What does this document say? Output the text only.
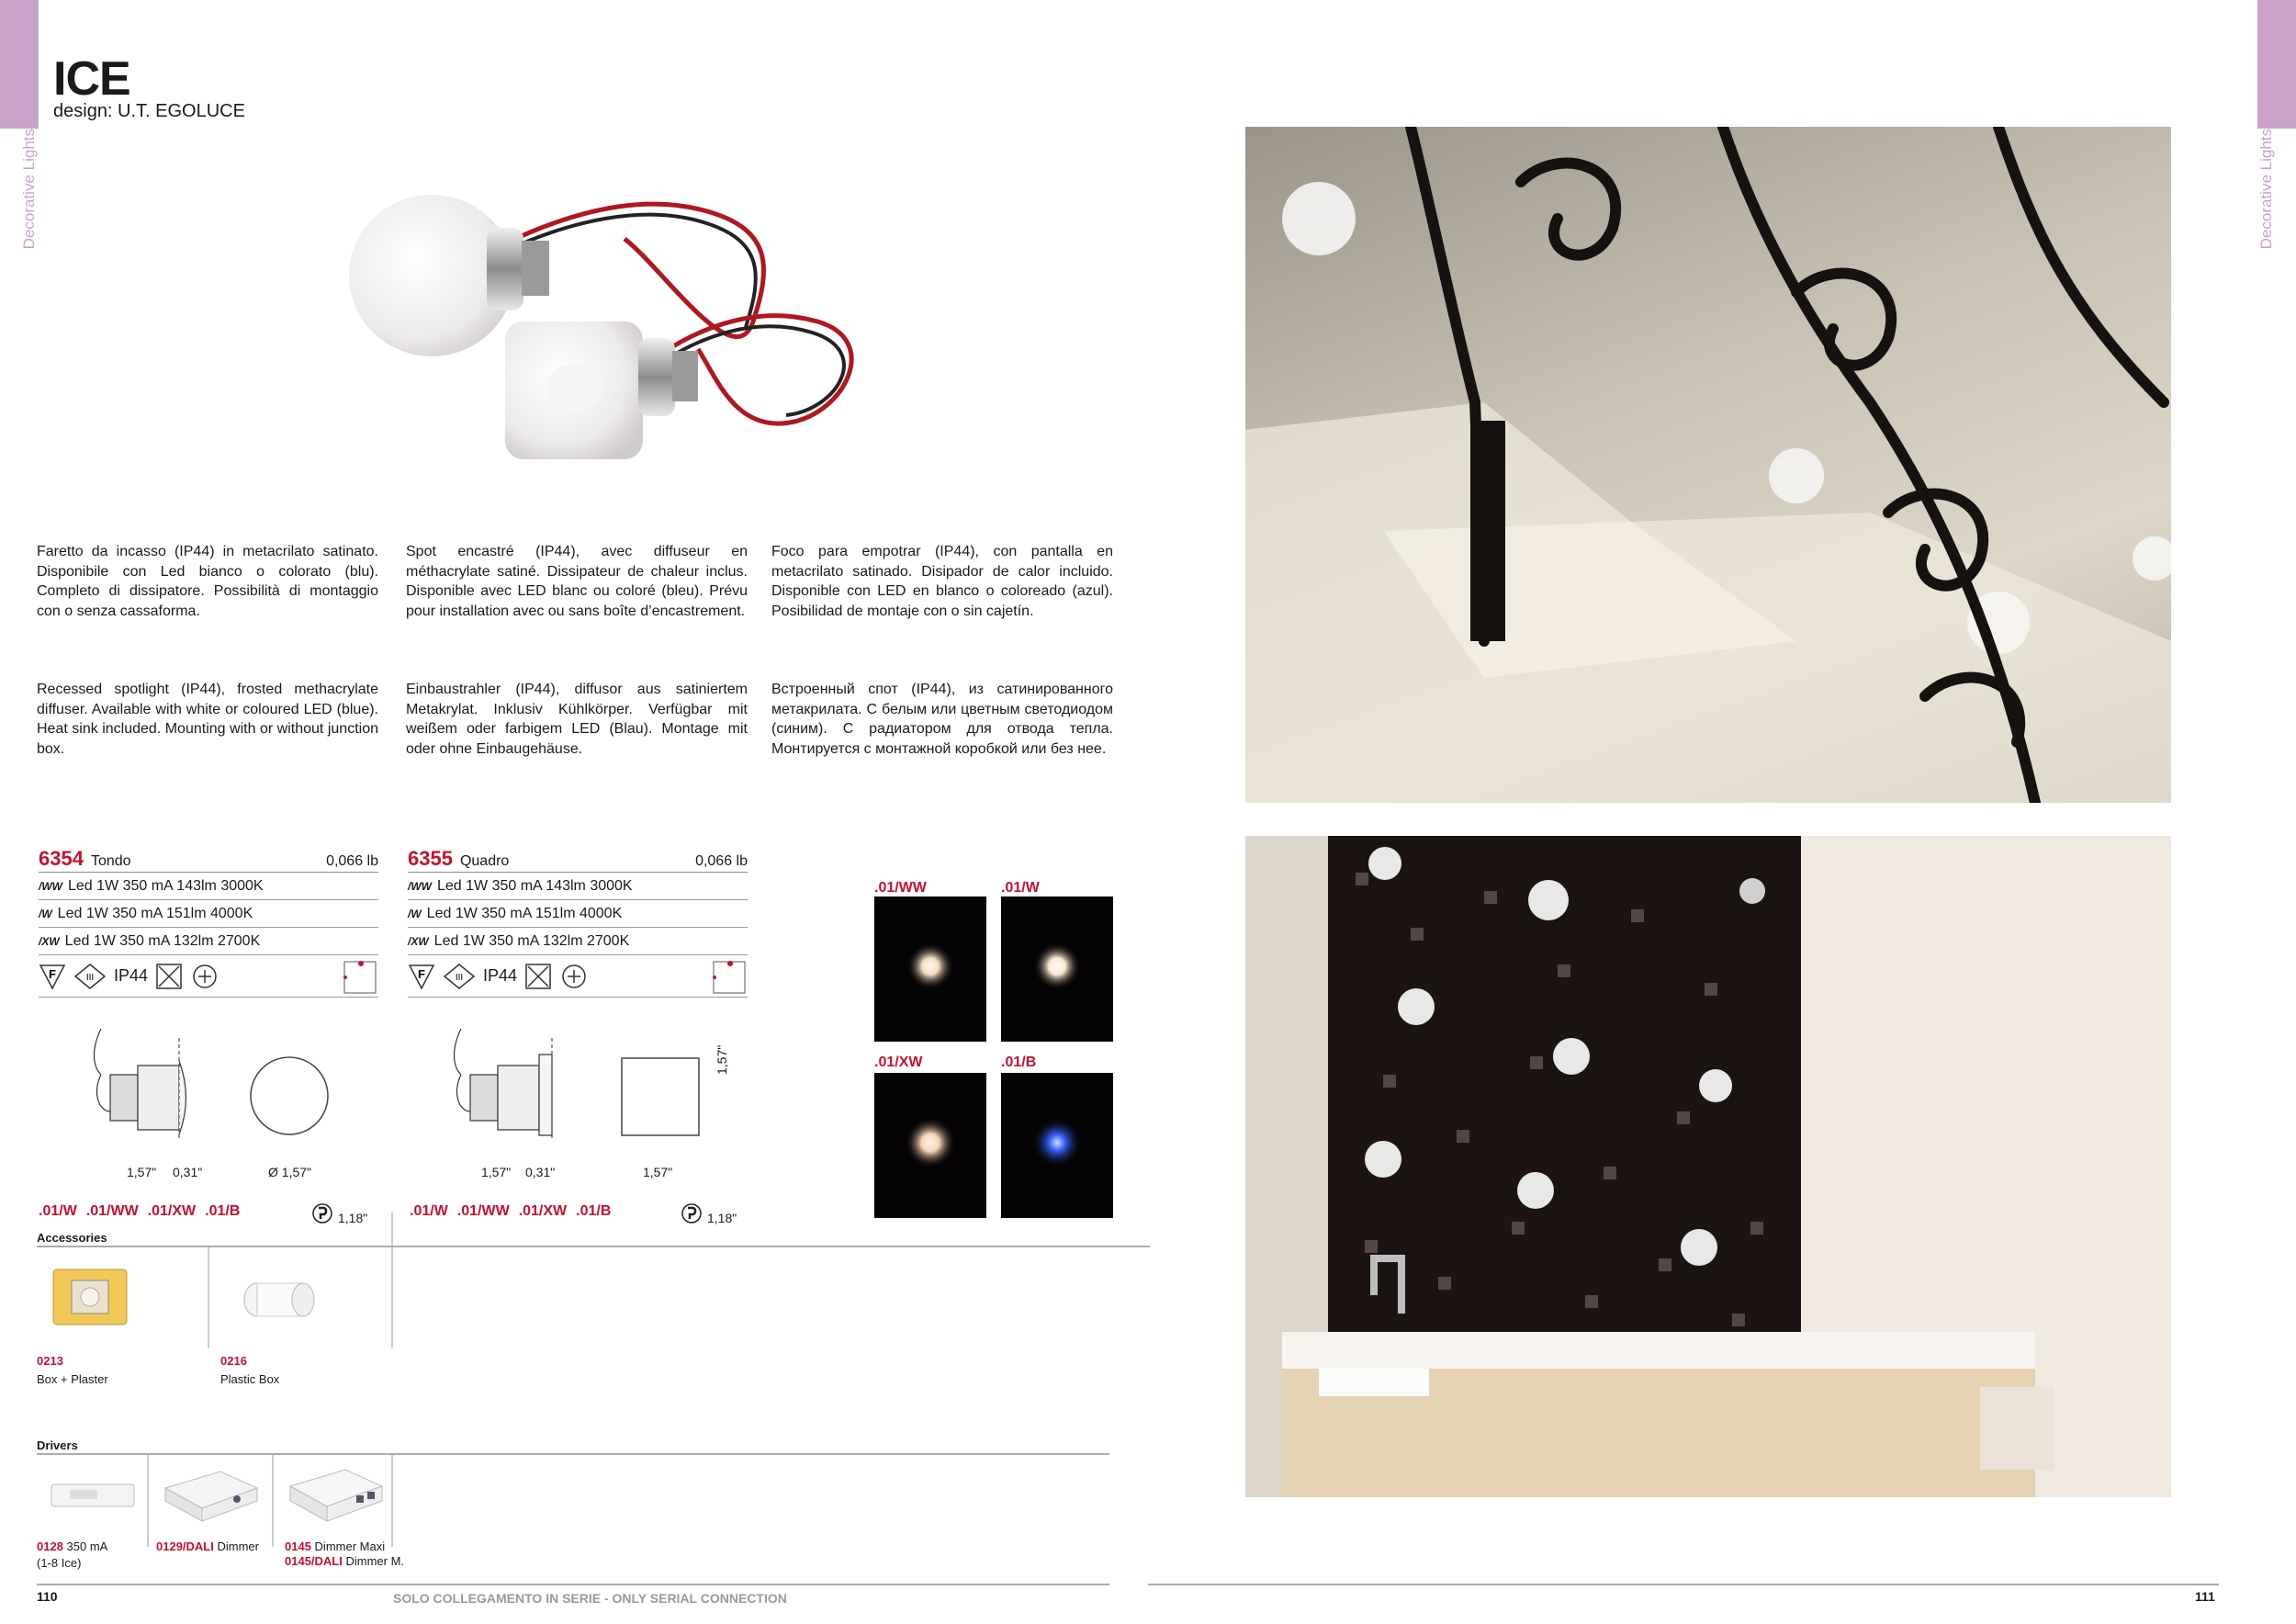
Decorative Lights	Decorative Lights
ICE
design: U.T. EGOLUCE
Faretto da incasso (IP44) in metacrilato satinato. Disponibile con Led bianco o colorato (blu). Completo di dissipatore. Possibilità di montaggio con o senza cassaforma.
Spot encastré (IP44), avec diffuseur en méthacrylate satiné. Dissipateur de chaleur inclus. Disponible avec LED blanc ou coloré (bleu). Prévu pour installation avec ou sans boîte d’encastrement.
Foco para empotrar (IP44), con pantalla en metacrilato satinado. Disipador de calor incluido. Disponible con LED en blanco o coloreado (azul). Posibilidad de montaje con o sin cajetín.
Recessed spotlight (IP44), frosted methacrylate diffuser. Available with white or coloured LED (blue). Heat sink included. Mounting with or without junction box.
Einbaustrahler (IP44), diffusor aus satiniertem Metakrylat. Inklusiv Kühlkörper. Verfügbar mit weißem oder farbigem LED (Blau). Montage mit oder ohne Einbaugehäuse.
Встроенный спот (IP44), из сатинированного метакрилата. С белым или цветным светодиодом (синим). С радиатором для отвода тепла. Монтируется с монтажной коробкой или без нее.
6354 Tondo	0,066 lb
/WW Led 1W 350 mA 143lm 3000K
/W Led 1W 350 mA 151lm 4000K
/XW Led 1W 350 mA 132lm 2700K
F	III IP44
1,57" 0,31"	Ø 1,57"
.01/W .01/WW .01/XW .01/B	1,18"
6355 Quadro	0,066 lb
/WW Led 1W 350 mA 143lm 3000K
/W Led 1W 350 mA 151lm 4000K
/XW Led 1W 350 mA 132lm 2700K
F	III IP44
1,57"
1,57" 0,31"	1,57"
.01/W .01/WW .01/XW .01/B	1,18"
.01/WW	.01/W
.01/XW	.01/B
Accessories
0213
Box + Plaster
0216
Plastic Box
Drivers
0128 350 mA
(1-8 Ice)
0129/DALI Dimmer 0145 Dimmer Maxi
0145/DALI Dimmer M.
110	SOLO COLLEGAMENTO IN SERIE - ONLY SERIAL CONNECTION	111
